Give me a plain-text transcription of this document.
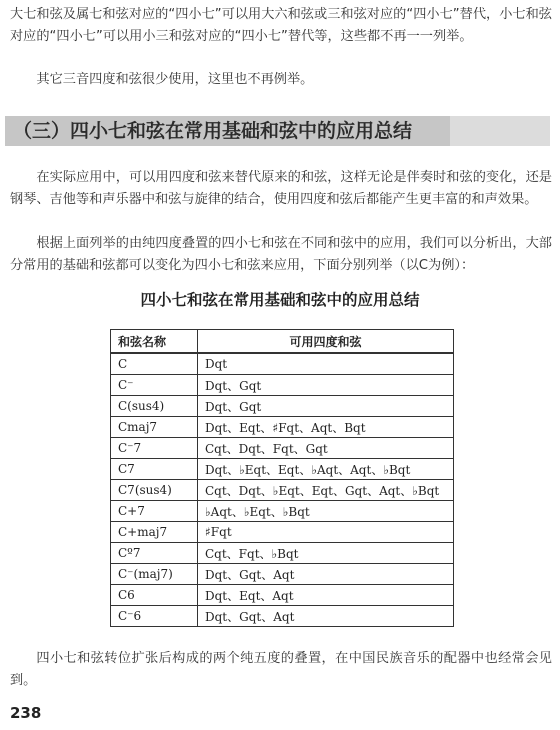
大七和弦及属七和弦对应的“四小七”可以用大六和弦或三和弦对应的“四小七”替代，小七和弦对应的“四小七”可以用小三和弦对应的“四小七”替代等，这些都不再一一列举。

其它三音四度和弦很少使用，这里也不再例举。

（三）四小七和弦在常用基础和弦中的应用总结

在实际应用中，可以用四度和弦来替代原来的和弦，这样无论是伴奏时和弦的变化，还是钢琴、吉他等和声乐器中和弦与旋律的结合，使用四度和弦后都能产生更丰富的和声效果。

根据上面列举的由纯四度叠置的四小七和弦在不同和弦中的应用，我们可以分析出，大部分常用的基础和弦都可以变化为四小七和弦来应用，下面分别列举（以C为例）：

四小七和弦在常用基础和弦中的应用总结

和弦名称	可用四度和弦
C	Dqt
C⁻	Dqt、Gqt
C(sus4)	Dqt、Gqt
Cmaj7	Dqt、Eqt、♯Fqt、Aqt、Bqt
C⁻7	Cqt、Dqt、Fqt、Gqt
C7	Dqt、♭Eqt、Eqt、♭Aqt、Aqt、♭Bqt
C7(sus4)	Cqt、Dqt、♭Eqt、Eqt、Gqt、Aqt、♭Bqt
C+7	♭Aqt、♭Eqt、♭Bqt
C+maj7	♯Fqt
Cº7	Cqt、Fqt、♭Bqt
C⁻(maj7)	Dqt、Gqt、Aqt
C6	Dqt、Eqt、Aqt
C⁻6	Dqt、Gqt、Aqt

四小七和弦转位扩张后构成的两个纯五度的叠置，在中国民族音乐的配器中也经常会见到。

238
